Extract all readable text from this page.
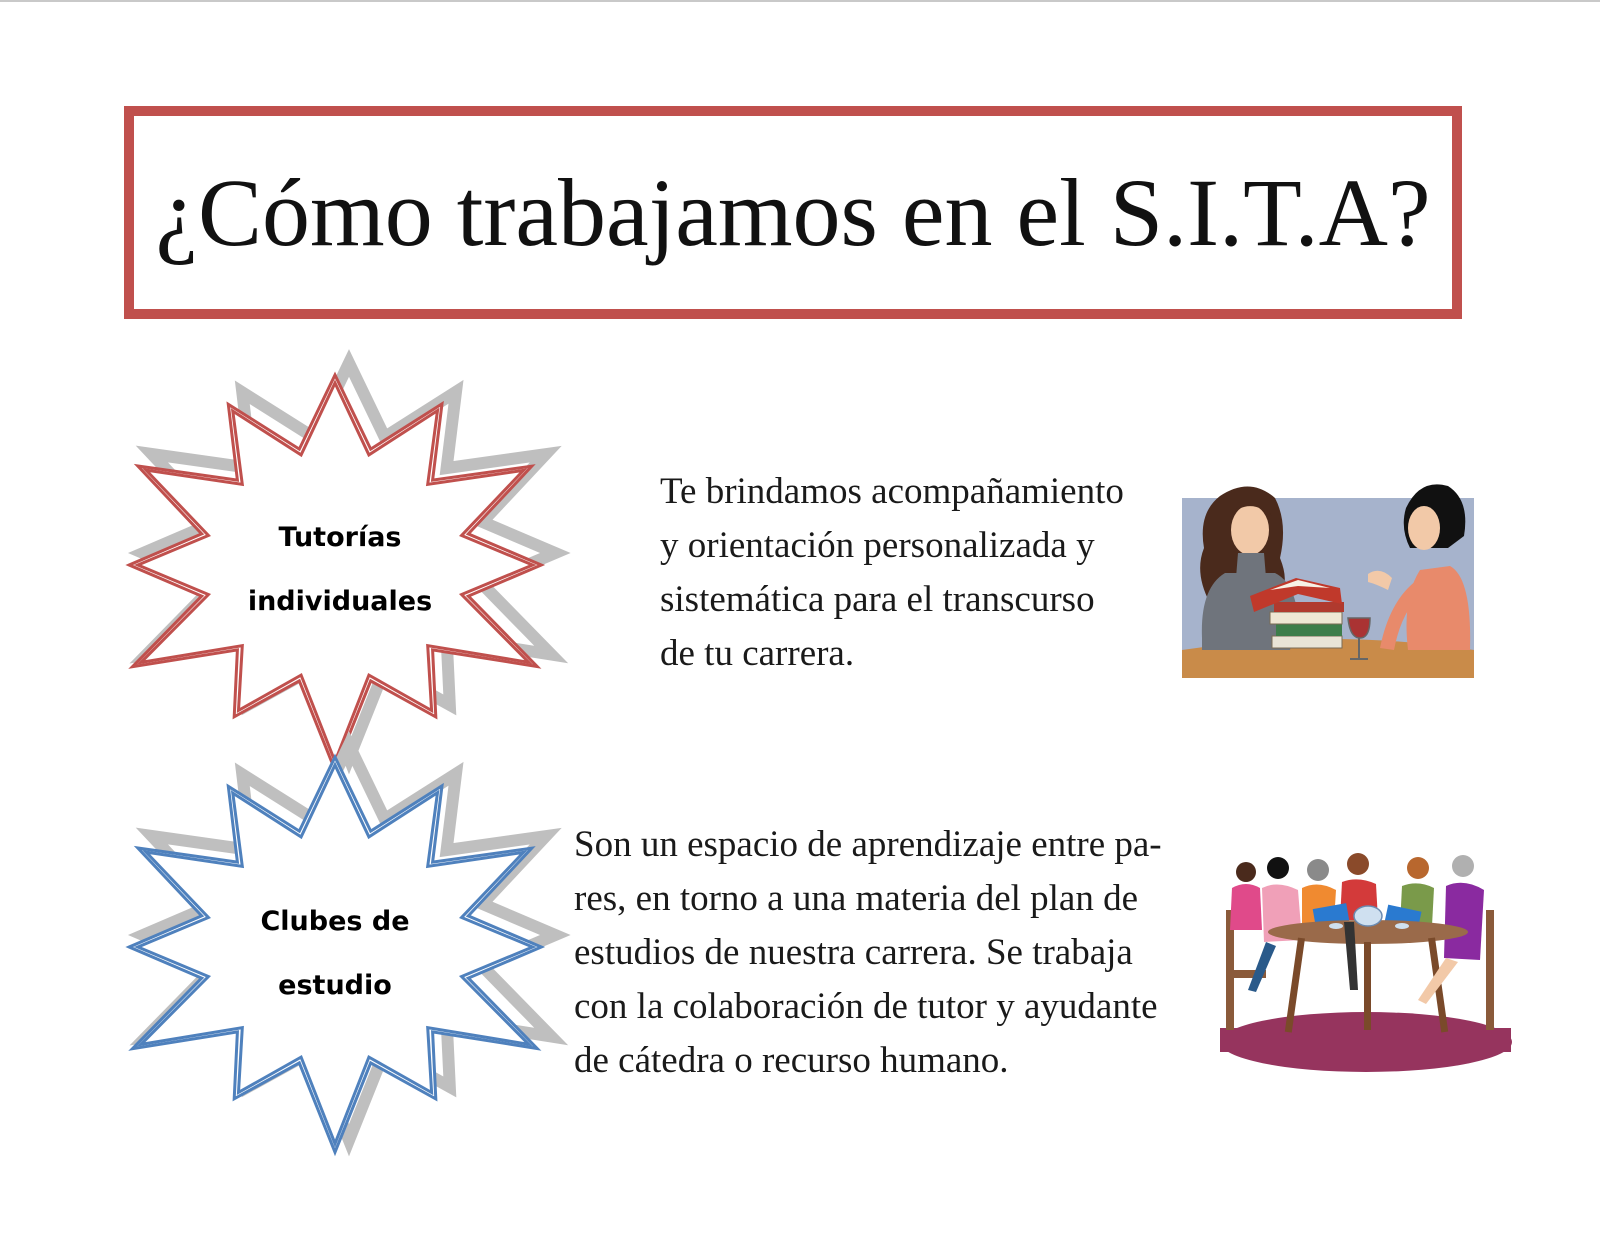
¿Cómo trabajamos en el S.I.T.A?
Tutorías
individuales
Te brindamos acompañamiento
y orientación personalizada y
sistemática para el transcurso
de tu carrera.
Clubes de
estudio
Son un espacio de aprendizaje entre pa-
res, en torno a una materia del plan de
estudios de nuestra carrera. Se trabaja
con la colaboración de tutor y ayudante
de cátedra o recurso humano.
